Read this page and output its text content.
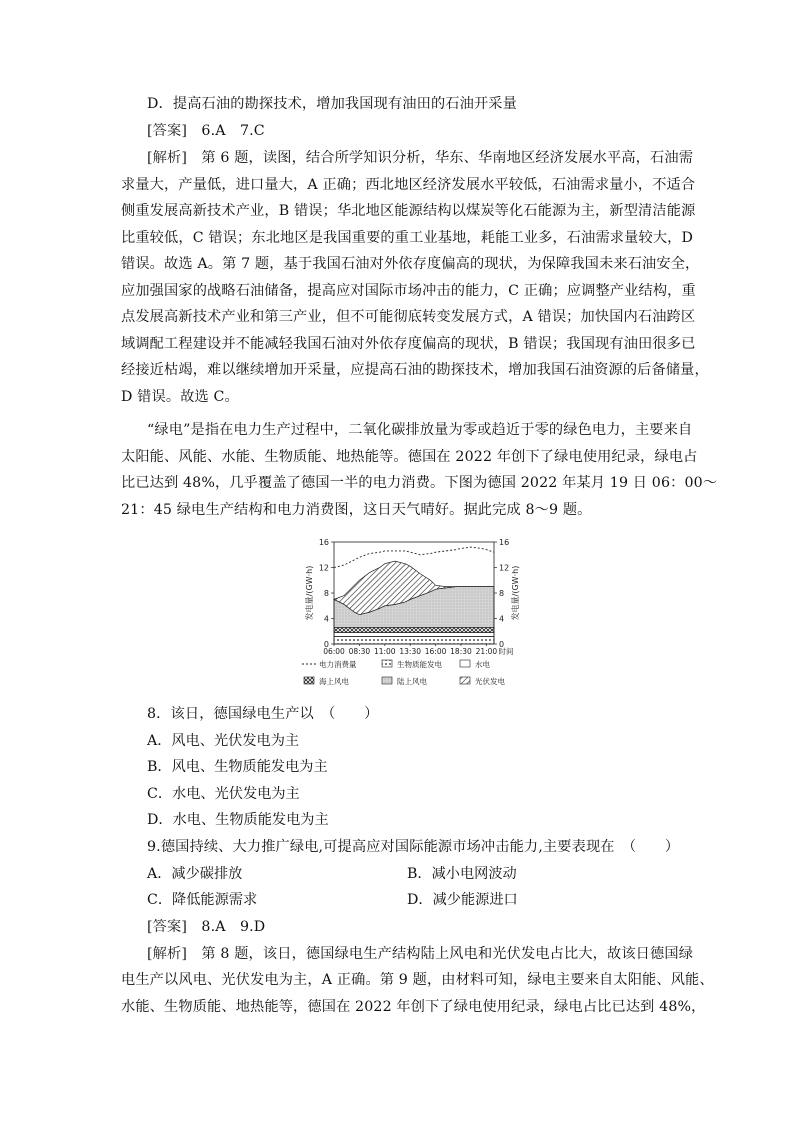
D．提高石油的勘探技术，增加我国现有油田的石油开采量
[答案]　 6.A　7.C
[解析]　 第 6 题，读图，结合所学知识分析，华东、华南地区经济发展水平高，石油需
求量大，产量低，进口量大，A 正确；西北地区经济发展水平较低，石油需求量小，不适合
侧重发展高新技术产业，B 错误；华北地区能源结构以煤炭等化石能源为主，新型清洁能源
比重较低，C 错误；东北地区是我国重要的重工业基地，耗能工业多，石油需求量较大，D
错误。故选 A。第 7 题，基于我国石油对外依存度偏高的现状，为保障我国未来石油安全，
应加强国家的战略石油储备，提高应对国际市场冲击的能力，C 正确；应调整产业结构，重
点发展高新技术产业和第三产业，但不可能彻底转变发展方式，A 错误；加快国内石油跨区
域调配工程建设并不能减轻我国石油对外依存度偏高的现状，B 错误；我国现有油田很多已
经接近枯竭，难以继续增加开采量，应提高石油的勘探技术，增加我国石油资源的后备储量，
D 错误。故选 C。
“绿电”是指在电力生产过程中，二氧化碳排放量为零或趋近于零的绿色电力，主要来自
太阳能、风能、水能、生物质能、地热能等。德国在 2022 年创下了绿电使用纪录，绿电占
比已达到 48%，几乎覆盖了德国一半的电力消费。下图为德国 2022 年某月 19 日 06：00～
21：45 绿电生产结构和电力消费图，这日天气晴好。据此完成 8～9 题。
0	0
4	4
8	8
12	12
16	16
06:00 08:30 11:00 13:30 16:00 18:30 21:00 时间
发电量/(GW·h)	发电量/(GW·h)
电力消费量	生物质能发电	水电
海上风电	陆上风电	光伏发电
8．该日，德国绿电生产以　（　　）
A．风电、光伏发电为主
B．风电、生物质能发电为主
C．水电、光伏发电为主
D．水电、生物质能发电为主
9.德国持续、大力推广绿电,可提高应对国际能源市场冲击能力,主要表现在　（　　）
A．减少碳排放	B．减小电网波动
C．降低能源需求	D．减少能源进口
[答案]　 8.A　9.D
[解析]　 第 8 题，该日，德国绿电生产结构陆上风电和光伏发电占比大，故该日德国绿
电生产以风电、光伏发电为主，A 正确。第 9 题，由材料可知，绿电主要来自太阳能、风能、
水能、生物质能、地热能等，德国在 2022 年创下了绿电使用纪录，绿电占比已达到 48%，
